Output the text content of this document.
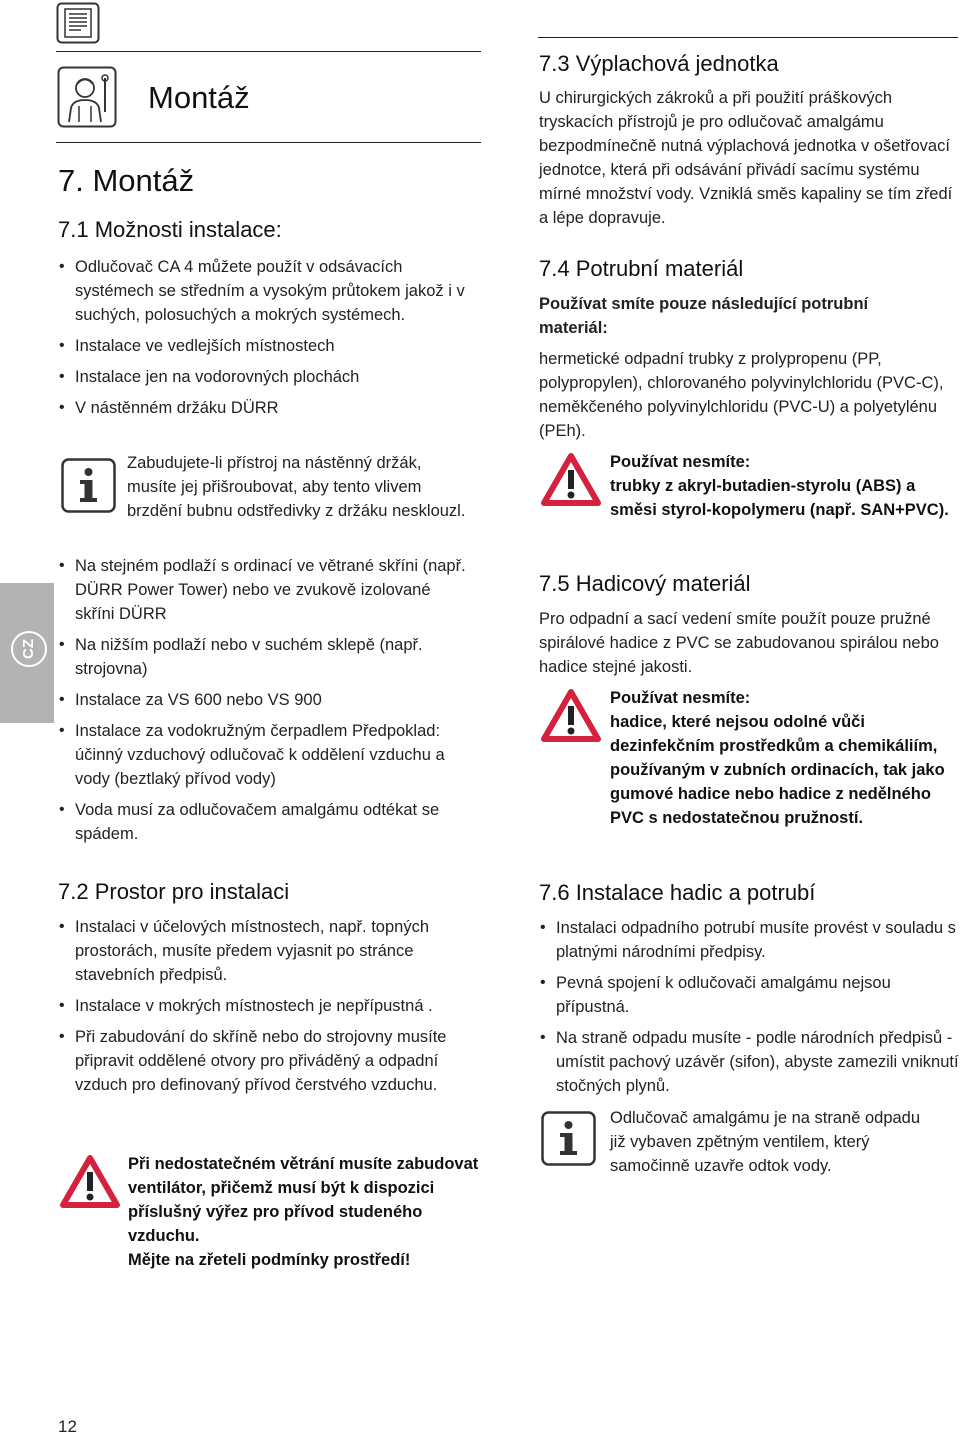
Montáž
CZ
7. Montáž
7.1 Možnosti instalace:
• Odlučovač CA 4 můžete použít v odsávacích systémech se středním a vysokým průtokem jakož i v suchých, polosuchých a mokrých systémech.
• Instalace ve vedlejších místnostech
• Instalace jen na vodorovných plochách
• V nástěnném držáku DÜRR
Zabudujete-li přístroj na nástěnný držák, musíte jej přišroubovat, aby tento vlivem brzdění bubnu odstředivky z držáku nesklouzl.
• Na stejném podlaží s ordinací ve větrané skříni (např. DÜRR Power Tower) nebo ve zvukově izolované skříni DÜRR
• Na nižším podlaží nebo v suchém sklepě (např. strojovna)
• Instalace za VS 600 nebo VS 900
• Instalace za vodokružným čerpadlem Předpoklad: účinný vzduchový odlučovač k oddělení vzduchu a vody (beztlaký přívod vody)
• Voda musí za odlučovačem amalgámu odtékat se spádem.
7.2 Prostor pro instalaci
• Instalaci v účelových místnostech, např. topných prostorách, musíte předem vyjasnit po stránce stavebních předpisů.
• Instalace v mokrých místnostech je nepřípustná .
• Při zabudování do skříně nebo do strojovny musíte připravit oddělené otvory pro přiváděný a odpadní vzduch pro definovaný přívod čerstvého vzduchu.
Při nedostatečném větrání musíte zabudovat ventilátor, přičemž musí být k dispozici příslušný výřez pro přívod studeného vzduchu.
Mějte na zřeteli podmínky prostředí!
12
7.3 Výplachová jednotka
U chirurgických zákroků a při použití práškových tryskacích přístrojů je pro odlučovač amalgámu bezpodmínečně nutná výplachová jednotka v ošetřovací jednotce, která při odsávání přivádí sacímu systému mírné množství vody. Vzniklá směs kapaliny se tím zředí a lépe dopravuje.
7.4 Potrubní materiál
Používat smíte pouze následující potrubní materiál:
hermetické odpadní trubky z prolypropenu (PP, polypropylen), chlorovaného polyvinylchloridu (PVC-C), neměkčeného polyvinylchloridu (PVC-U) a polyetylénu (PEh).
Používat nesmíte:
trubky z akryl-butadien-styrolu (ABS) a směsi styrol-kopolymeru (např. SAN+PVC).
7.5 Hadicový materiál
Pro odpadní a sací vedení smíte použít pouze pružné spirálové hadice z PVC se zabudovanou spirálou nebo hadice stejné jakosti.
Používat nesmíte:
hadice, které nejsou odolné vůči dezinfekčním prostředkům a chemikáliím, používaným v zubních ordinacích, tak jako gumové hadice nebo hadice z nedělného PVC s nedostatečnou pružností.
7.6 Instalace hadic a potrubí
• Instalaci odpadního potrubí musíte provést v souladu s platnými národními předpisy.
• Pevná spojení k odlučovači amalgámu nejsou přípustná.
• Na straně odpadu musíte - podle národních předpisů - umístit pachový uzávěr (sifon), abyste zamezili vniknutí stočných plynů.
Odlučovač amalgámu je na straně odpadu již vybaven zpětným ventilem, který samočinně uzavře odtok vody.
